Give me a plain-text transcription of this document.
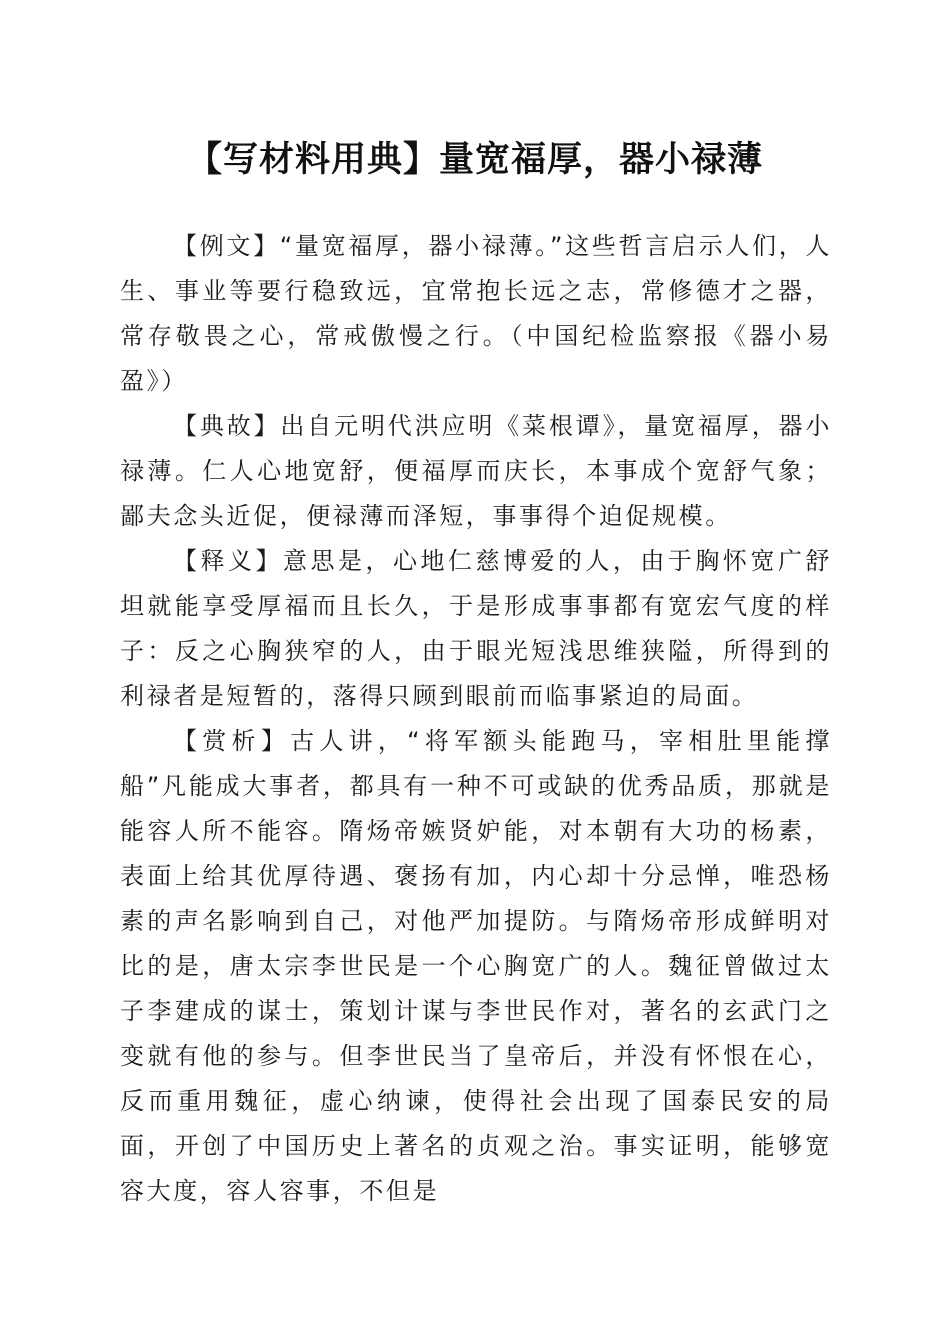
【写材料用典】量宽福厚，器小禄薄

【例文】“量宽福厚，器小禄薄。”这些哲言启示人们，人生、事业等要行稳致远，宜常抱长远之志，常修德才之器，常存敬畏之心，常戒傲慢之行。（中国纪检监察报《器小易盈》）

【典故】出自元明代洪应明《菜根谭》，量宽福厚，器小禄薄。仁人心地宽舒，便福厚而庆长，本事成个宽舒气象；鄙夫念头近促，便禄薄而泽短，事事得个迫促规模。

【释义】意思是，心地仁慈博爱的人，由于胸怀宽广舒坦就能享受厚福而且长久，于是形成事事都有宽宏气度的样子：反之心胸狭窄的人，由于眼光短浅思维狭隘，所得到的利禄者是短暂的，落得只顾到眼前而临事紧迫的局面。

【赏析】古人讲，“将军额头能跑马，宰相肚里能撑船”凡能成大事者，都具有一种不可或缺的优秀品质，那就是能容人所不能容。隋炀帝嫉贤妒能，对本朝有大功的杨素，表面上给其优厚待遇、褒扬有加，内心却十分忌惮，唯恐杨素的声名影响到自己，对他严加提防。与隋炀帝形成鲜明对比的是，唐太宗李世民是一个心胸宽广的人。魏征曾做过太子李建成的谋士，策划计谋与李世民作对，著名的玄武门之变就有他的参与。但李世民当了皇帝后，并没有怀恨在心，反而重用魏征，虚心纳谏，使得社会出现了国泰民安的局面，开创了中国历史上著名的贞观之治。事实证明，能够宽容大度，容人容事，不但是
